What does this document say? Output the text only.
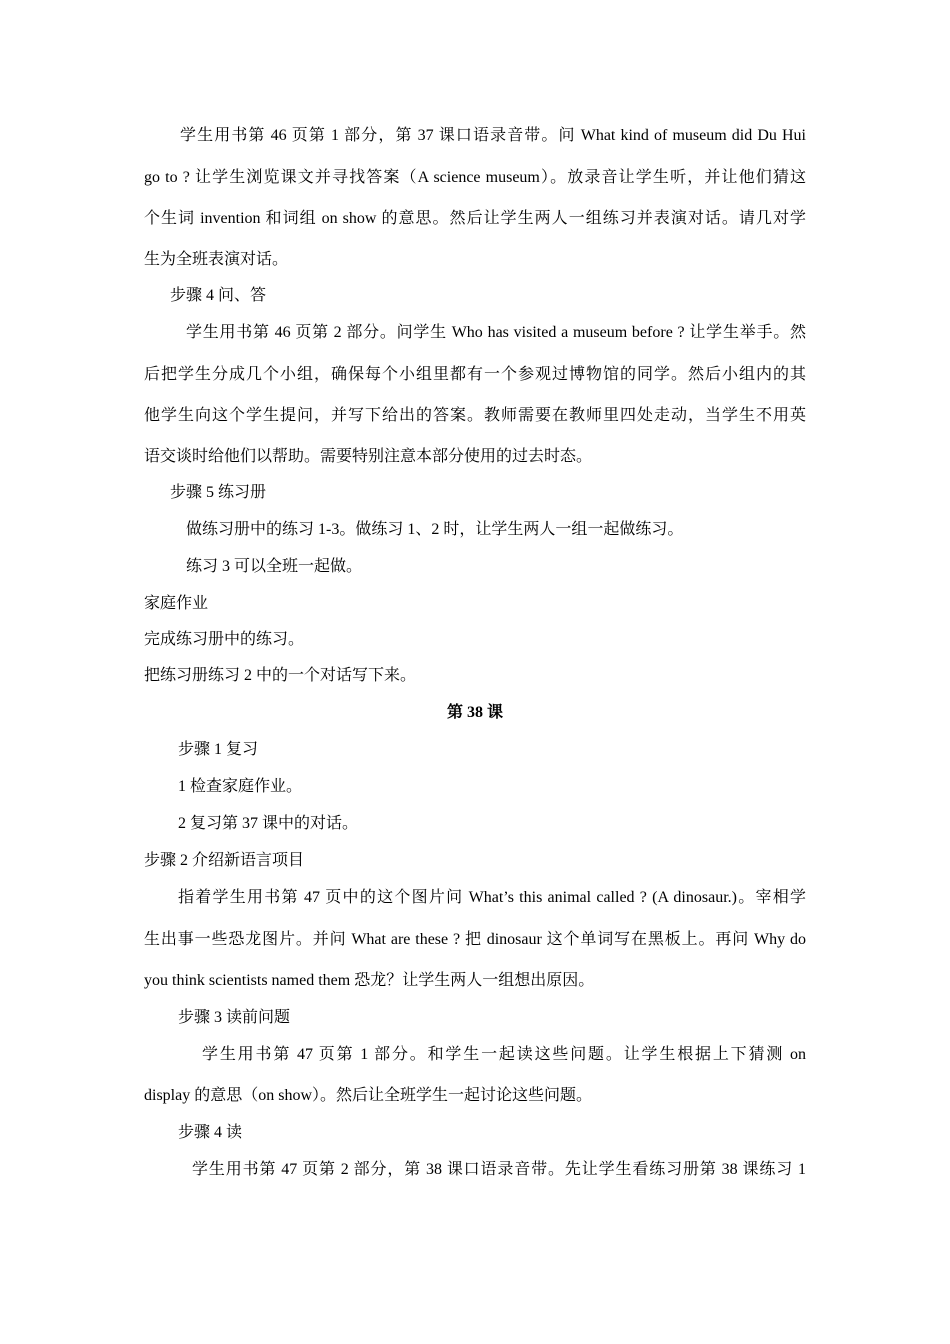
学生用书第 46 页第 1 部分，第 37 课口语录音带。问 What kind of museum did Du Hui
go to ? 让学生浏览课文并寻找答案（A science museum）。放录音让学生听，并让他们猜这
个生词 invention 和词组 on show 的意思。然后让学生两人一组练习并表演对话。请几对学
生为全班表演对话。
步骤 4 问、答
学生用书第 46 页第 2 部分。问学生 Who has visited a museum before ? 让学生举手。然
后把学生分成几个小组，确保每个小组里都有一个参观过博物馆的同学。然后小组内的其
他学生向这个学生提问，并写下给出的答案。教师需要在教师里四处走动，当学生不用英
语交谈时给他们以帮助。需要特别注意本部分使用的过去时态。
步骤 5 练习册
做练习册中的练习 1-3。做练习 1、2 时，让学生两人一组一起做练习。
练习 3 可以全班一起做。
家庭作业
完成练习册中的练习。
把练习册练习 2 中的一个对话写下来。
第 38 课
步骤 1 复习
1 检查家庭作业。
2 复习第 37 课中的对话。
步骤 2 介绍新语言项目
指着学生用书第 47 页中的这个图片问 What’s this animal called ? (A dinosaur.)。宰相学
生出事一些恐龙图片。并问 What are these ? 把 dinosaur 这个单词写在黑板上。再问 Why do
you think scientists named them 恐龙？让学生两人一组想出原因。
步骤 3 读前问题
学生用书第 47 页第 1 部分。和学生一起读这些问题。让学生根据上下猜测 on
display 的意思（on show）。然后让全班学生一起讨论这些问题。
步骤 4 读
学生用书第 47 页第 2 部分，第 38 课口语录音带。先让学生看练习册第 38 课练习 1
